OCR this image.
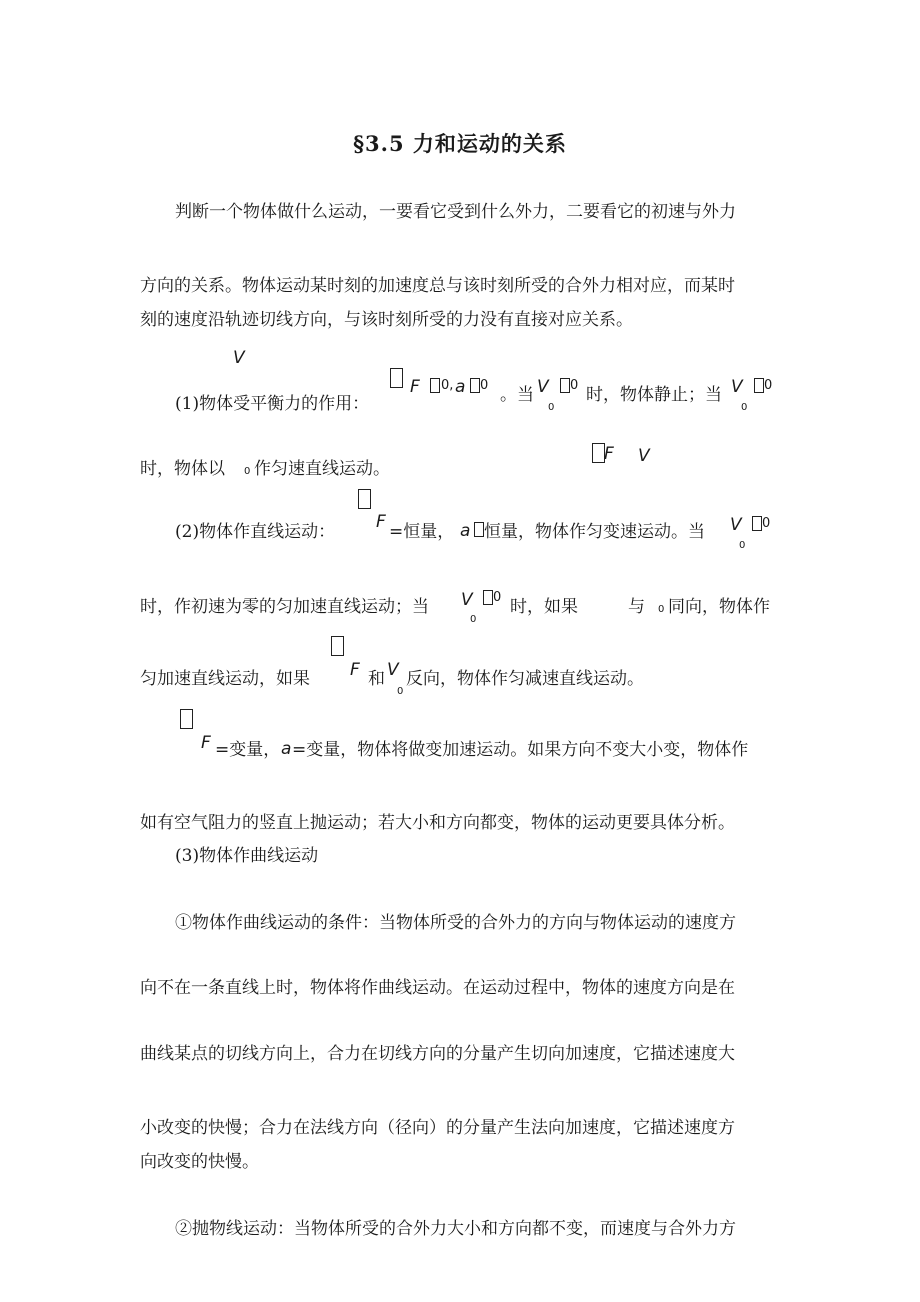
§3.5 力和运动的关系
判断一个物体做什么运动，一要看它受到什么外力，二要看它的初速与外力
方向的关系。物体运动某时刻的加速度总与该时刻所受的合外力相对应，而某时
刻的速度沿轨迹切线方向，与该时刻所受的力没有直接对应关系。
V
(1)物体受平衡力的作用：
F 0, a 0 。当 V
0
0 时，物体静止；当 V
0
0
F V
时，物体以 0 作匀速直线运动。
(2)物体作直线运动： F =恒量， a 恒量，物体作匀变速运动。当 V
0
0
时，作初速为零的匀加速直线运动；当 V
0
0 时，如果	与 0 同向，物体作
匀加速直线运动，如果 F 和 V
0
反向，物体作匀减速直线运动。
F =变量， a =变量，物体将做变加速运动。如果方向不变大小变，物体作
如有空气阻力的竖直上抛运动；若大小和方向都变，物体的运动更要具体分析。
(3)物体作曲线运动
①物体作曲线运动的条件：当物体所受的合外力的方向与物体运动的速度方
向不在一条直线上时，物体将作曲线运动。在运动过程中，物体的速度方向是在
曲线某点的切线方向上，合力在切线方向的分量产生切向加速度，它描述速度大
小改变的快慢；合力在法线方向（径向）的分量产生法向加速度，它描述速度方
向改变的快慢。
②抛物线运动：当物体所受的合外力大小和方向都不变，而速度与合外力方
